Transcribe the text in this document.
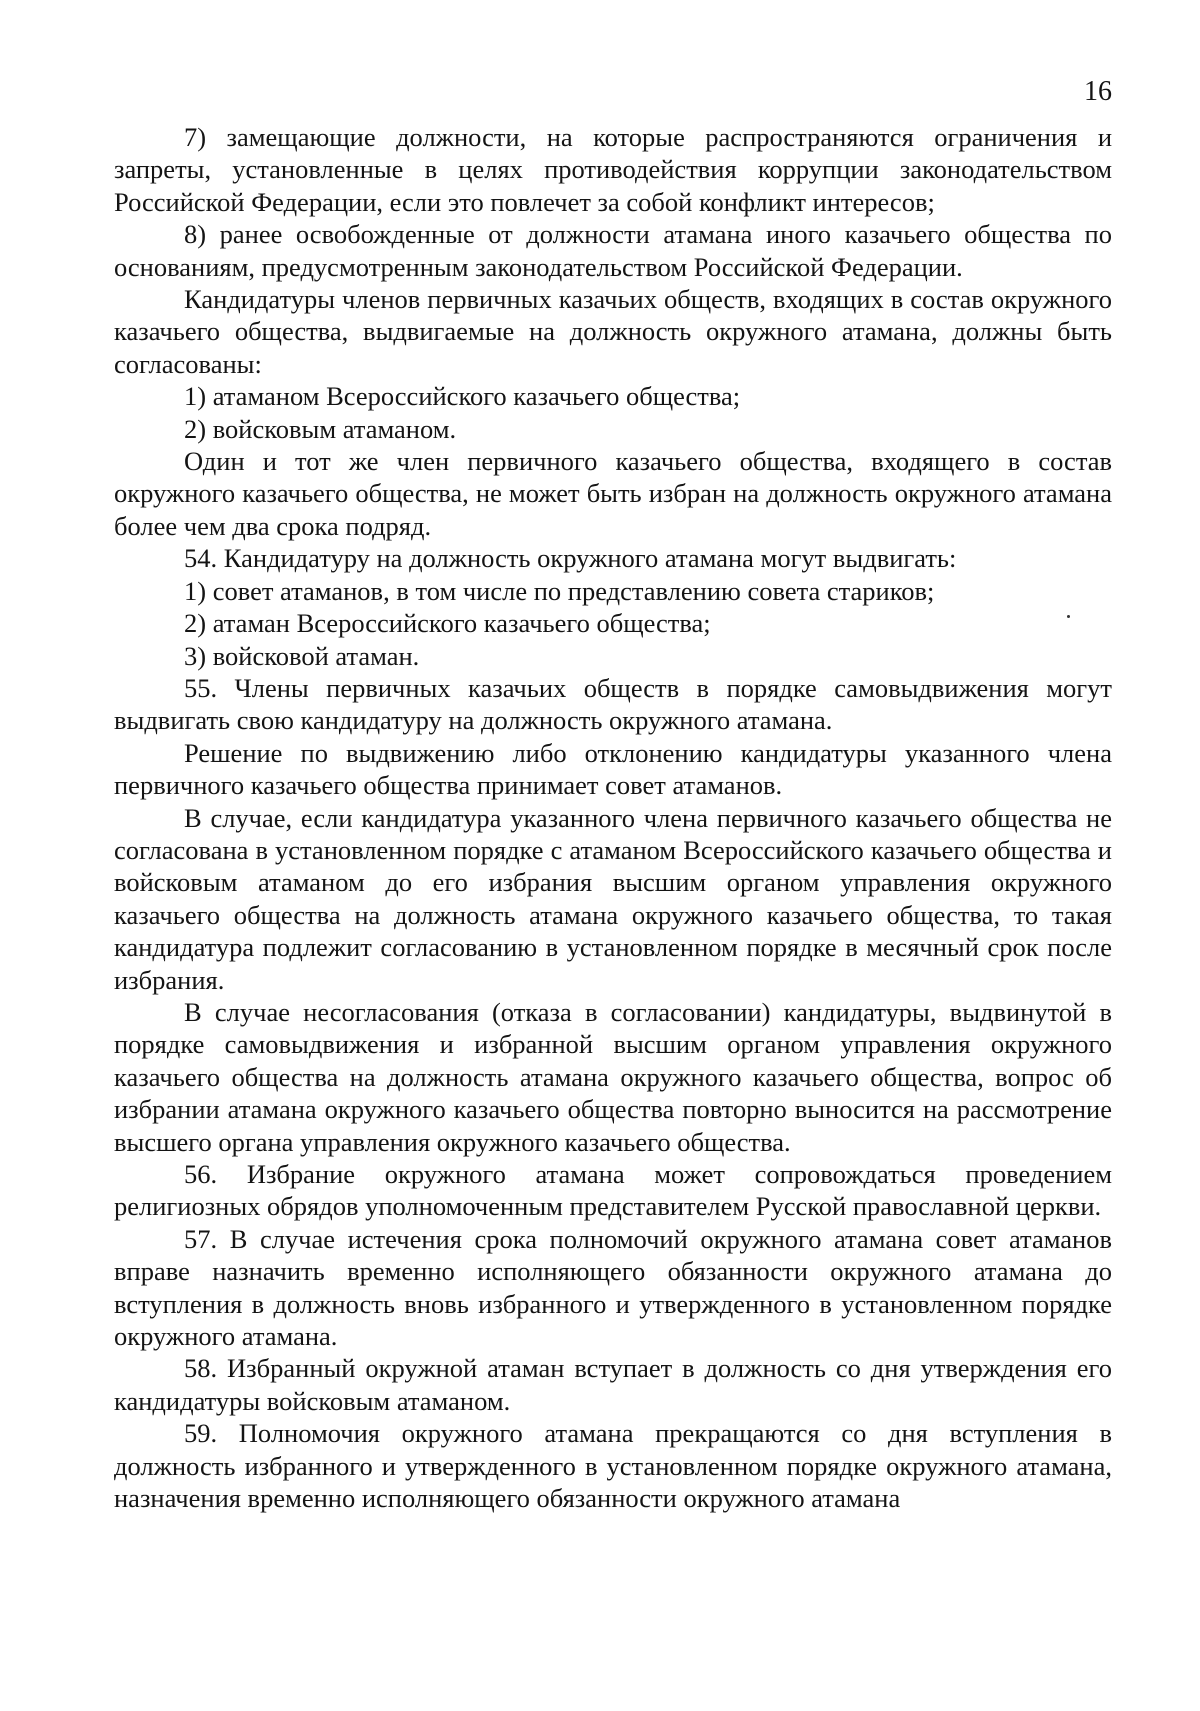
16

7) замещающие должности, на которые распространяются ограничения и запреты, установленные в целях противодействия коррупции законодательством Российской Федерации, если это повлечет за собой конфликт интересов;

8) ранее освобожденные от должности атамана иного казачьего общества по основаниям, предусмотренным законодательством Российской Федерации.

Кандидатуры членов первичных казачьих обществ, входящих в состав окружного казачьего общества, выдвигаемые на должность окружного атамана, должны быть согласованы:

1) атаманом Всероссийского казачьего общества;

2) войсковым атаманом.

Один и тот же член первичного казачьего общества, входящего в состав окружного казачьего общества, не может быть избран на должность окружного атамана более чем два срока подряд.

54. Кандидатуру на должность окружного атамана могут выдвигать:

1) совет атаманов, в том числе по представлению совета стариков;

2) атаман Всероссийского казачьего общества;

3) войсковой атаман.

55. Члены первичных казачьих обществ в порядке самовыдвижения могут выдвигать свою кандидатуру на должность окружного атамана.

Решение по выдвижению либо отклонению кандидатуры указанного члена первичного казачьего общества принимает совет атаманов.

В случае, если кандидатура указанного члена первичного казачьего общества не согласована в установленном порядке с атаманом Всероссийского казачьего общества и войсковым атаманом до его избрания высшим органом управления окружного казачьего общества на должность атамана окружного казачьего общества, то такая кандидатура подлежит согласованию в установленном порядке в месячный срок после избрания.

В случае несогласования (отказа в согласовании) кандидатуры, выдвинутой в порядке самовыдвижения и избранной высшим органом управления окружного казачьего общества на должность атамана окружного казачьего общества, вопрос об избрании атамана окружного казачьего общества повторно выносится на рассмотрение высшего органа управления окружного казачьего общества.

56. Избрание окружного атамана может сопровождаться проведением религиозных обрядов уполномоченным представителем Русской православной церкви.

57. В случае истечения срока полномочий окружного атамана совет атаманов вправе назначить временно исполняющего обязанности окружного атамана до вступления в должность вновь избранного и утвержденного в установленном порядке окружного атамана.

58. Избранный окружной атаман вступает в должность со дня утверждения его кандидатуры войсковым атаманом.

59. Полномочия окружного атамана прекращаются со дня вступления в должность избранного и утвержденного в установленном порядке окружного атамана, назначения временно исполняющего обязанности окружного атамана
